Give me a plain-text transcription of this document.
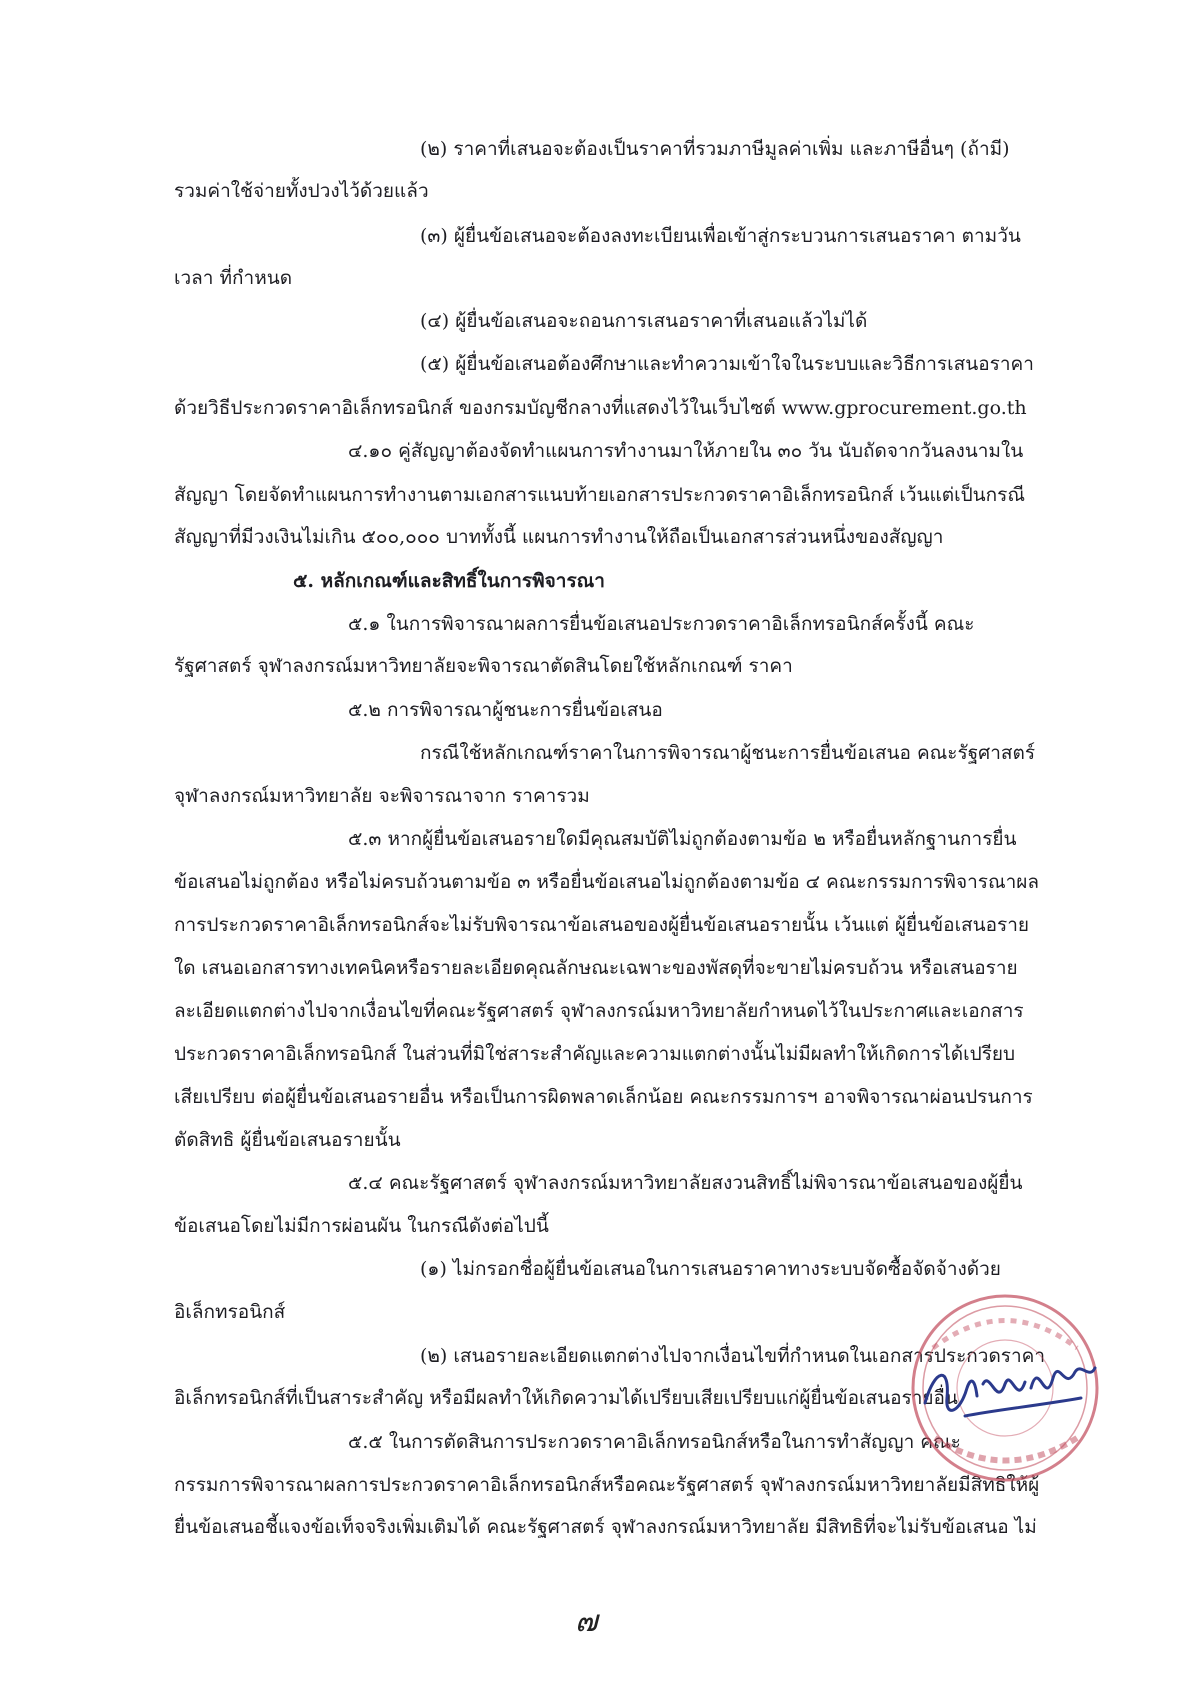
(๒) ราคาที่เสนอจะต้องเป็นราคาที่รวมภาษีมูลค่าเพิ่ม และภาษีอื่นๆ (ถ้ามี)
รวมค่าใช้จ่ายทั้งปวงไว้ด้วยแล้ว
(๓) ผู้ยื่นข้อเสนอจะต้องลงทะเบียนเพื่อเข้าสู่กระบวนการเสนอราคา ตามวัน
เวลา ที่กำหนด
(๔) ผู้ยื่นข้อเสนอจะถอนการเสนอราคาที่เสนอแล้วไม่ได้
(๕) ผู้ยื่นข้อเสนอต้องศึกษาและทำความเข้าใจในระบบและวิธีการเสนอราคา
ด้วยวิธีประกวดราคาอิเล็กทรอนิกส์ ของกรมบัญชีกลางที่แสดงไว้ในเว็บไซต์ www.gprocurement.go.th
๔.๑๐ คู่สัญญาต้องจัดทำแผนการทำงานมาให้ภายใน ๓๐ วัน นับถัดจากวันลงนามใน
สัญญา โดยจัดทำแผนการทำงานตามเอกสารแนบท้ายเอกสารประกวดราคาอิเล็กทรอนิกส์ เว้นแต่เป็นกรณี
สัญญาที่มีวงเงินไม่เกิน ๕๐๐,๐๐๐ บาททั้งนี้ แผนการทำงานให้ถือเป็นเอกสารส่วนหนึ่งของสัญญา
๕. หลักเกณฑ์และสิทธิ์ในการพิจารณา
๕.๑ ในการพิจารณาผลการยื่นข้อเสนอประกวดราคาอิเล็กทรอนิกส์ครั้งนี้ คณะ
รัฐศาสตร์ จุฬาลงกรณ์มหาวิทยาลัยจะพิจารณาตัดสินโดยใช้หลักเกณฑ์ ราคา
๕.๒ การพิจารณาผู้ชนะการยื่นข้อเสนอ
กรณีใช้หลักเกณฑ์ราคาในการพิจารณาผู้ชนะการยื่นข้อเสนอ คณะรัฐศาสตร์
จุฬาลงกรณ์มหาวิทยาลัย จะพิจารณาจาก ราคารวม
๕.๓ หากผู้ยื่นข้อเสนอรายใดมีคุณสมบัติไม่ถูกต้องตามข้อ ๒ หรือยื่นหลักฐานการยื่น
ข้อเสนอไม่ถูกต้อง หรือไม่ครบถ้วนตามข้อ ๓ หรือยื่นข้อเสนอไม่ถูกต้องตามข้อ ๔ คณะกรรมการพิจารณาผล
การประกวดราคาอิเล็กทรอนิกส์จะไม่รับพิจารณาข้อเสนอของผู้ยื่นข้อเสนอรายนั้น เว้นแต่ ผู้ยื่นข้อเสนอราย
ใด เสนอเอกสารทางเทคนิคหรือรายละเอียดคุณลักษณะเฉพาะของพัสดุที่จะขายไม่ครบถ้วน หรือเสนอราย
ละเอียดแตกต่างไปจากเงื่อนไขที่คณะรัฐศาสตร์ จุฬาลงกรณ์มหาวิทยาลัยกำหนดไว้ในประกาศและเอกสาร
ประกวดราคาอิเล็กทรอนิกส์ ในส่วนที่มิใช่สาระสำคัญและความแตกต่างนั้นไม่มีผลทำให้เกิดการได้เปรียบ
เสียเปรียบ ต่อผู้ยื่นข้อเสนอรายอื่น หรือเป็นการผิดพลาดเล็กน้อย คณะกรรมการฯ อาจพิจารณาผ่อนปรนการ
ตัดสิทธิ ผู้ยื่นข้อเสนอรายนั้น
๕.๔ คณะรัฐศาสตร์ จุฬาลงกรณ์มหาวิทยาลัยสงวนสิทธิ์ไม่พิจารณาข้อเสนอของผู้ยื่น
ข้อเสนอโดยไม่มีการผ่อนผัน ในกรณีดังต่อไปนี้
(๑) ไม่กรอกชื่อผู้ยื่นข้อเสนอในการเสนอราคาทางระบบจัดซื้อจัดจ้างด้วย
อิเล็กทรอนิกส์
(๒) เสนอรายละเอียดแตกต่างไปจากเงื่อนไขที่กำหนดในเอกสารประกวดราคา
อิเล็กทรอนิกส์ที่เป็นสาระสำคัญ หรือมีผลทำให้เกิดความได้เปรียบเสียเปรียบแก่ผู้ยื่นข้อเสนอรายอื่น
๕.๕ ในการตัดสินการประกวดราคาอิเล็กทรอนิกส์หรือในการทำสัญญา คณะ
กรรมการพิจารณาผลการประกวดราคาอิเล็กทรอนิกส์หรือคณะรัฐศาสตร์ จุฬาลงกรณ์มหาวิทยาลัยมีสิทธิให้ผู้
ยื่นข้อเสนอชี้แจงข้อเท็จจริงเพิ่มเติมได้ คณะรัฐศาสตร์ จุฬาลงกรณ์มหาวิทยาลัย มีสิทธิที่จะไม่รับข้อเสนอ ไม่
๗
